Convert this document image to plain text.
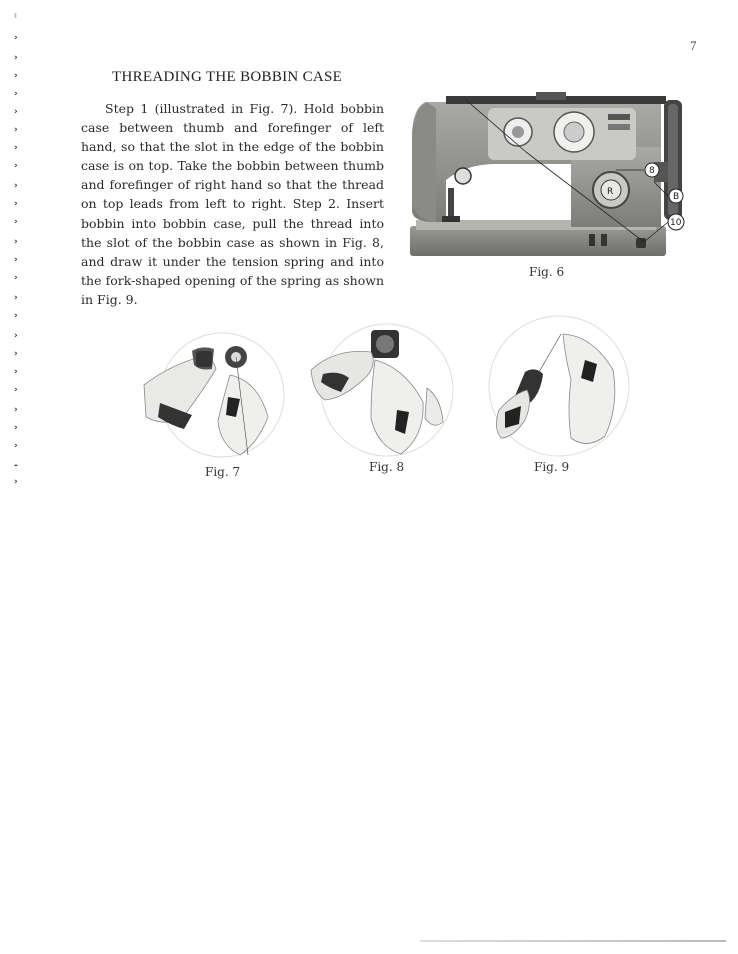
ı
›
›
›
›
›
›
›
›
›
›
›
›
›
›
›
›
›
›
›
›
›
›
›
-
›
7
THREADING THE BOBBIN CASE
Step 1 (illustrated in Fig. 7). Hold bobbin case between thumb and forefinger of left hand, so that the slot in the edge of the bobbin case is on top. Take the bobbin between thumb and forefinger of right hand so that the thread on top leads from left to right. Step 2. Insert bobbin into bobbin case, pull the thread into the slot of the bobbin case as shown in Fig. 8, and draw it under the tension spring and into the fork-shaped opening of the spring as shown in Fig. 9.
R
8
B
10
Fig. 6
Fig. 7	Fig. 8	Fig. 9
